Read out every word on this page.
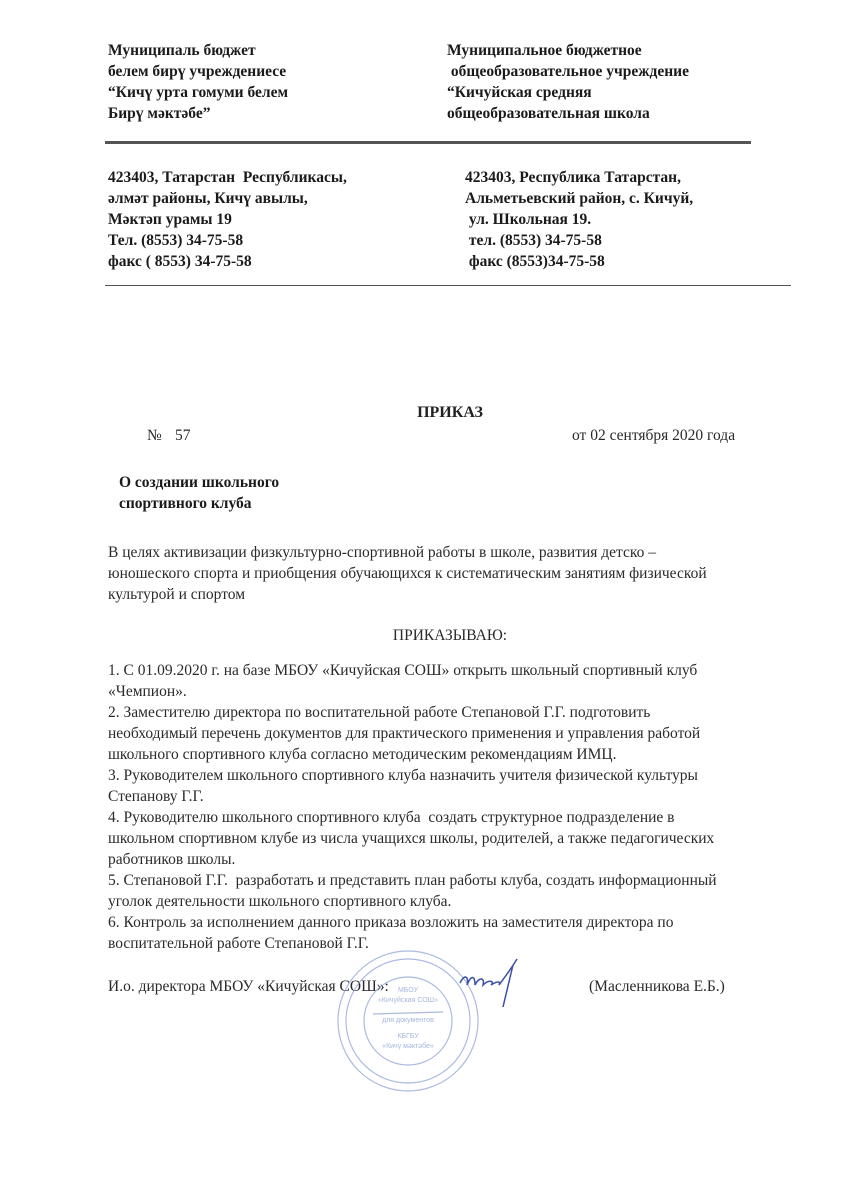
Муниципаль бюджет
белем бирү учреждениесе
“Кичү урта гомуми белем
Бирү мәктәбе”
Муниципальное бюджетное
общеобразовательное учреждение
“Кичуйская средняя
общеобразовательная школа
423403, Татарстан  Республикасы,
әлмәт районы, Кичү авылы,
Мәктәп урамы 19
Тел. (8553) 34-75-58
факс ( 8553) 34-75-58
423403, Республика Татарстан,
Альметьевский район, с. Кичуй,
ул. Школьная 19.
тел. (8553) 34-75-58
факс (8553)34-75-58
ПРИКАЗ
№ 57	от 02 сентября 2020 года
О создании школьного
спортивного клуба
В целях активизации физкультурно-спортивной работы в школе, развития детско –
юношеского спорта и приобщения обучающихся к систематическим занятиям физической
культурой и спортом
ПРИКАЗЫВАЮ:
1. С 01.09.2020 г. на базе МБОУ «Кичуйская СОШ» открыть школьный спортивный клуб
«Чемпион».
2. Заместителю директора по воспитательной работе Степановой Г.Г. подготовить
необходимый перечень документов для практического применения и управления работой
школьного спортивного клуба согласно методическим рекомендациям ИМЦ.
3. Руководителем школьного спортивного клуба назначить учителя физической культуры
Степанову Г.Г.
4. Руководителю школьного спортивного клуба  создать структурное подразделение в
школьном спортивном клубе из числа учащихся школы, родителей, а также педагогических
работников школы.
5. Степановой Г.Г.  разработать и представить план работы клуба, создать информационный
уголок деятельности школьного спортивного клуба.
6. Контроль за исполнением данного приказа возложить на заместителя директора по
воспитательной работе Степановой Г.Г.
И.о. директора МБОУ «Кичуйская СОШ»:	(Масленникова Е.Б.)
МБОУ
«Кичуйская СОШ»
для документов
КБГБУ
«Кичү мәктәбе»
